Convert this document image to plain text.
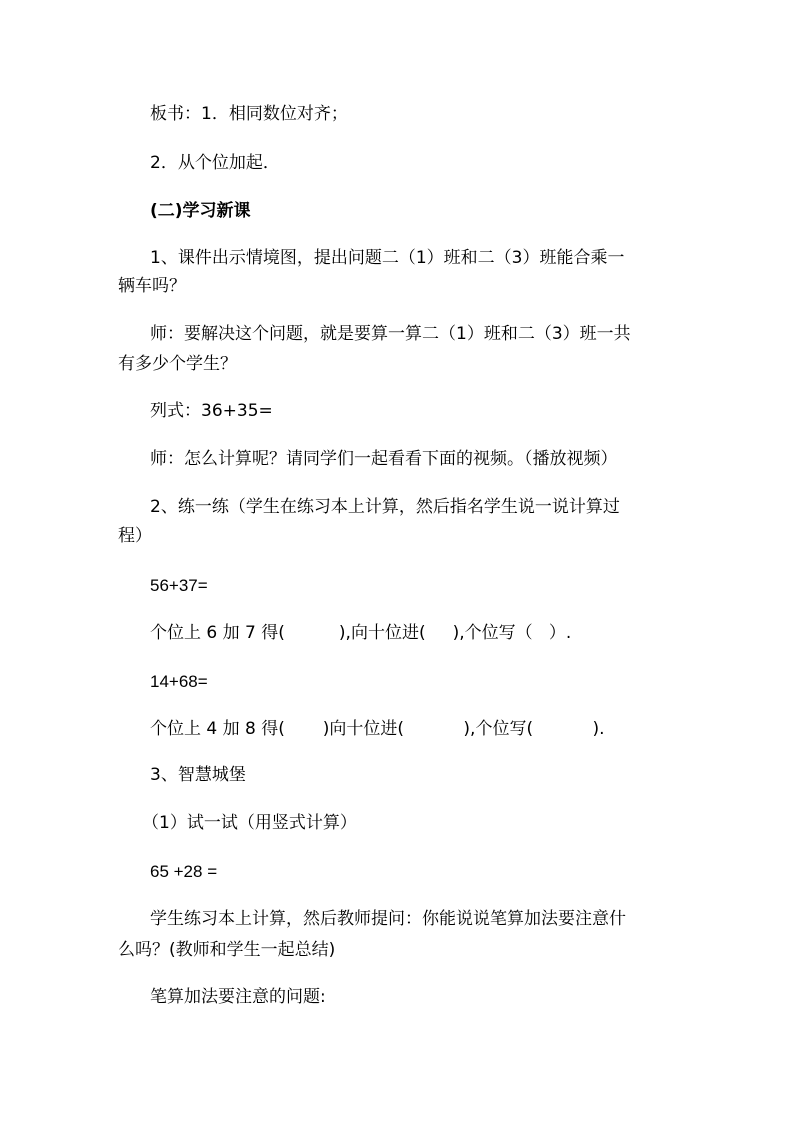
板书：1．相同数位对齐；
2．从个位加起．
(二)学习新课
1、课件出示情境图，提出问题二（1）班和二（3）班能合乘一
辆车吗？
师：要解决这个问题，就是要算一算二（1）班和二（3）班一共
有多少个学生？
列式：36+35=
师：怎么计算呢？请同学们一起看看下面的视频。（播放视频）
2、练一练（学生在练习本上计算，然后指名学生说一说计算过
程）
56+37=
个位上 6 加 7 得(          ),向十位进(     ),个位写（   ）.
14+68=
个位上 4 加 8 得(       )向十位进(           ),个位写(           ).
3、智慧城堡
（1）试一试（用竖式计算）
65 +28 =
学生练习本上计算，然后教师提问：你能说说笔算加法要注意什
么吗？(教师和学生一起总结)
笔算加法要注意的问题:
